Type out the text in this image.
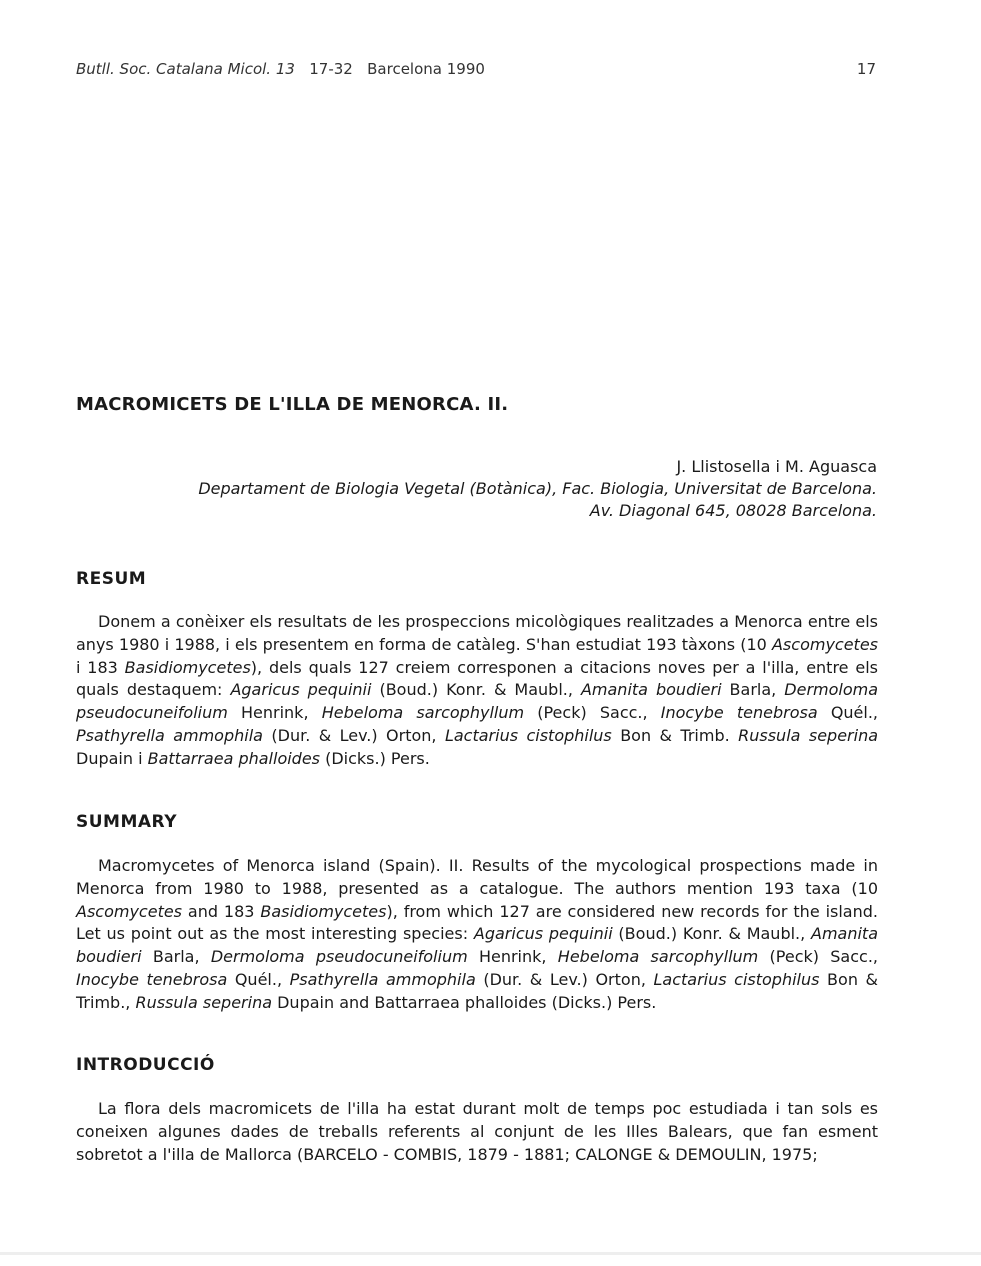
Butll. Soc. Catalana Micol. 13 17-32 Barcelona 1990	17
MACROMICETS DE L'ILLA DE MENORCA. II.
J. Llistosella i M. Aguasca
Departament de Biologia Vegetal (Botànica), Fac. Biologia, Universitat de Barcelona.
Av. Diagonal 645, 08028 Barcelona.
RESUM

Donem a conèixer els resultats de les prospeccions micològiques realitzades a Menorca entre els anys 1980 i 1988, i els presentem en forma de catàleg. S'han estudiat 193 tàxons (10 Ascomycetes i 183 Basidiomycetes), dels quals 127 creiem corresponen a citacions noves per a l'illa, entre els quals destaquem: Agaricus pequinii (Boud.) Konr. & Maubl., Amanita boudieri Barla, Dermoloma pseudocuneifolium Henrink, Hebeloma sarcophyllum (Peck) Sacc., Inocybe tenebrosa Quél., Psathyrella ammophila (Dur. & Lev.) Orton, Lactarius cistophilus Bon & Trimb. Russula seperina Dupain i Battarraea phalloides (Dicks.) Pers.

SUMMARY

Macromycetes of Menorca island (Spain). II. Results of the mycological prospections made in Menorca from 1980 to 1988, presented as a catalogue. The authors mention 193 taxa (10 Ascomycetes and 183 Basidiomycetes), from which 127 are considered new records for the island. Let us point out as the most interesting species: Agaricus pequinii (Boud.) Konr. & Maubl., Amanita boudieri Barla, Dermoloma pseudocuneifolium Henrink, Hebeloma sarcophyllum (Peck) Sacc., Inocybe tenebrosa Quél., Psathyrella ammophila (Dur. & Lev.) Orton, Lactarius cistophilus Bon & Trimb., Russula seperina Dupain and Battarraea phalloides (Dicks.) Pers.

INTRODUCCIÓ

La flora dels macromicets de l'illa ha estat durant molt de temps poc estudiada i tan sols es coneixen algunes dades de treballs referents al conjunt de les Illes Balears, que fan esment sobretot a l'illa de Mallorca (BARCELO - COMBIS, 1879 - 1881; CALONGE & DEMOULIN, 1975;
